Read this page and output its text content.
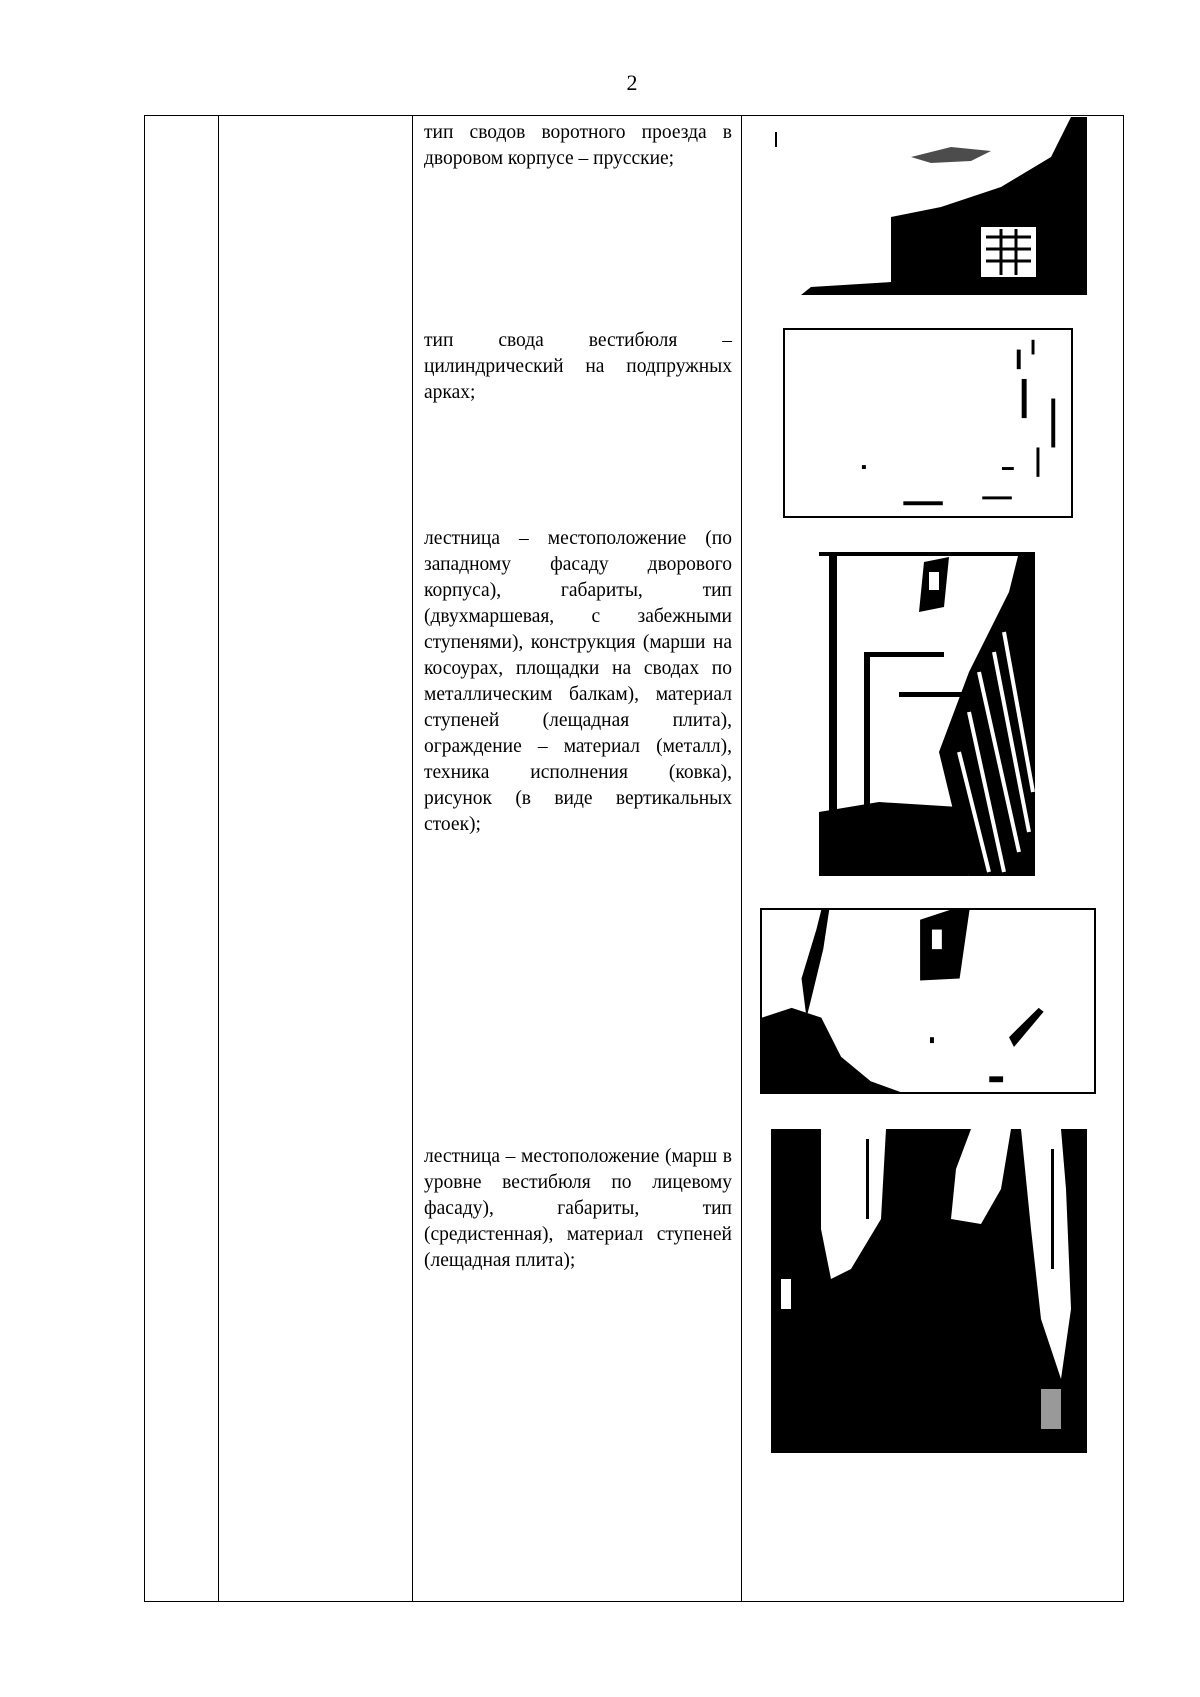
2
тип сводов воротного проезда в дворовом корпусе – прусские;
тип свода вестибюля – цилиндрический на подпружных арках;
лестница – местоположение (по западному фасаду дворового корпуса), габариты, тип (двухмаршевая, с забежными ступенями), конструкция (марши на косоурах, площадки на сводах по металлическим балкам), материал ступеней (лещадная плита), ограждение – материал (металл), техника исполнения (ковка), рисунок (в виде вертикальных стоек);
лестница – местоположение (марш в уровне вестибюля по лицевому фасаду), габариты, тип (средистенная), материал ступеней (лещадная плита);
